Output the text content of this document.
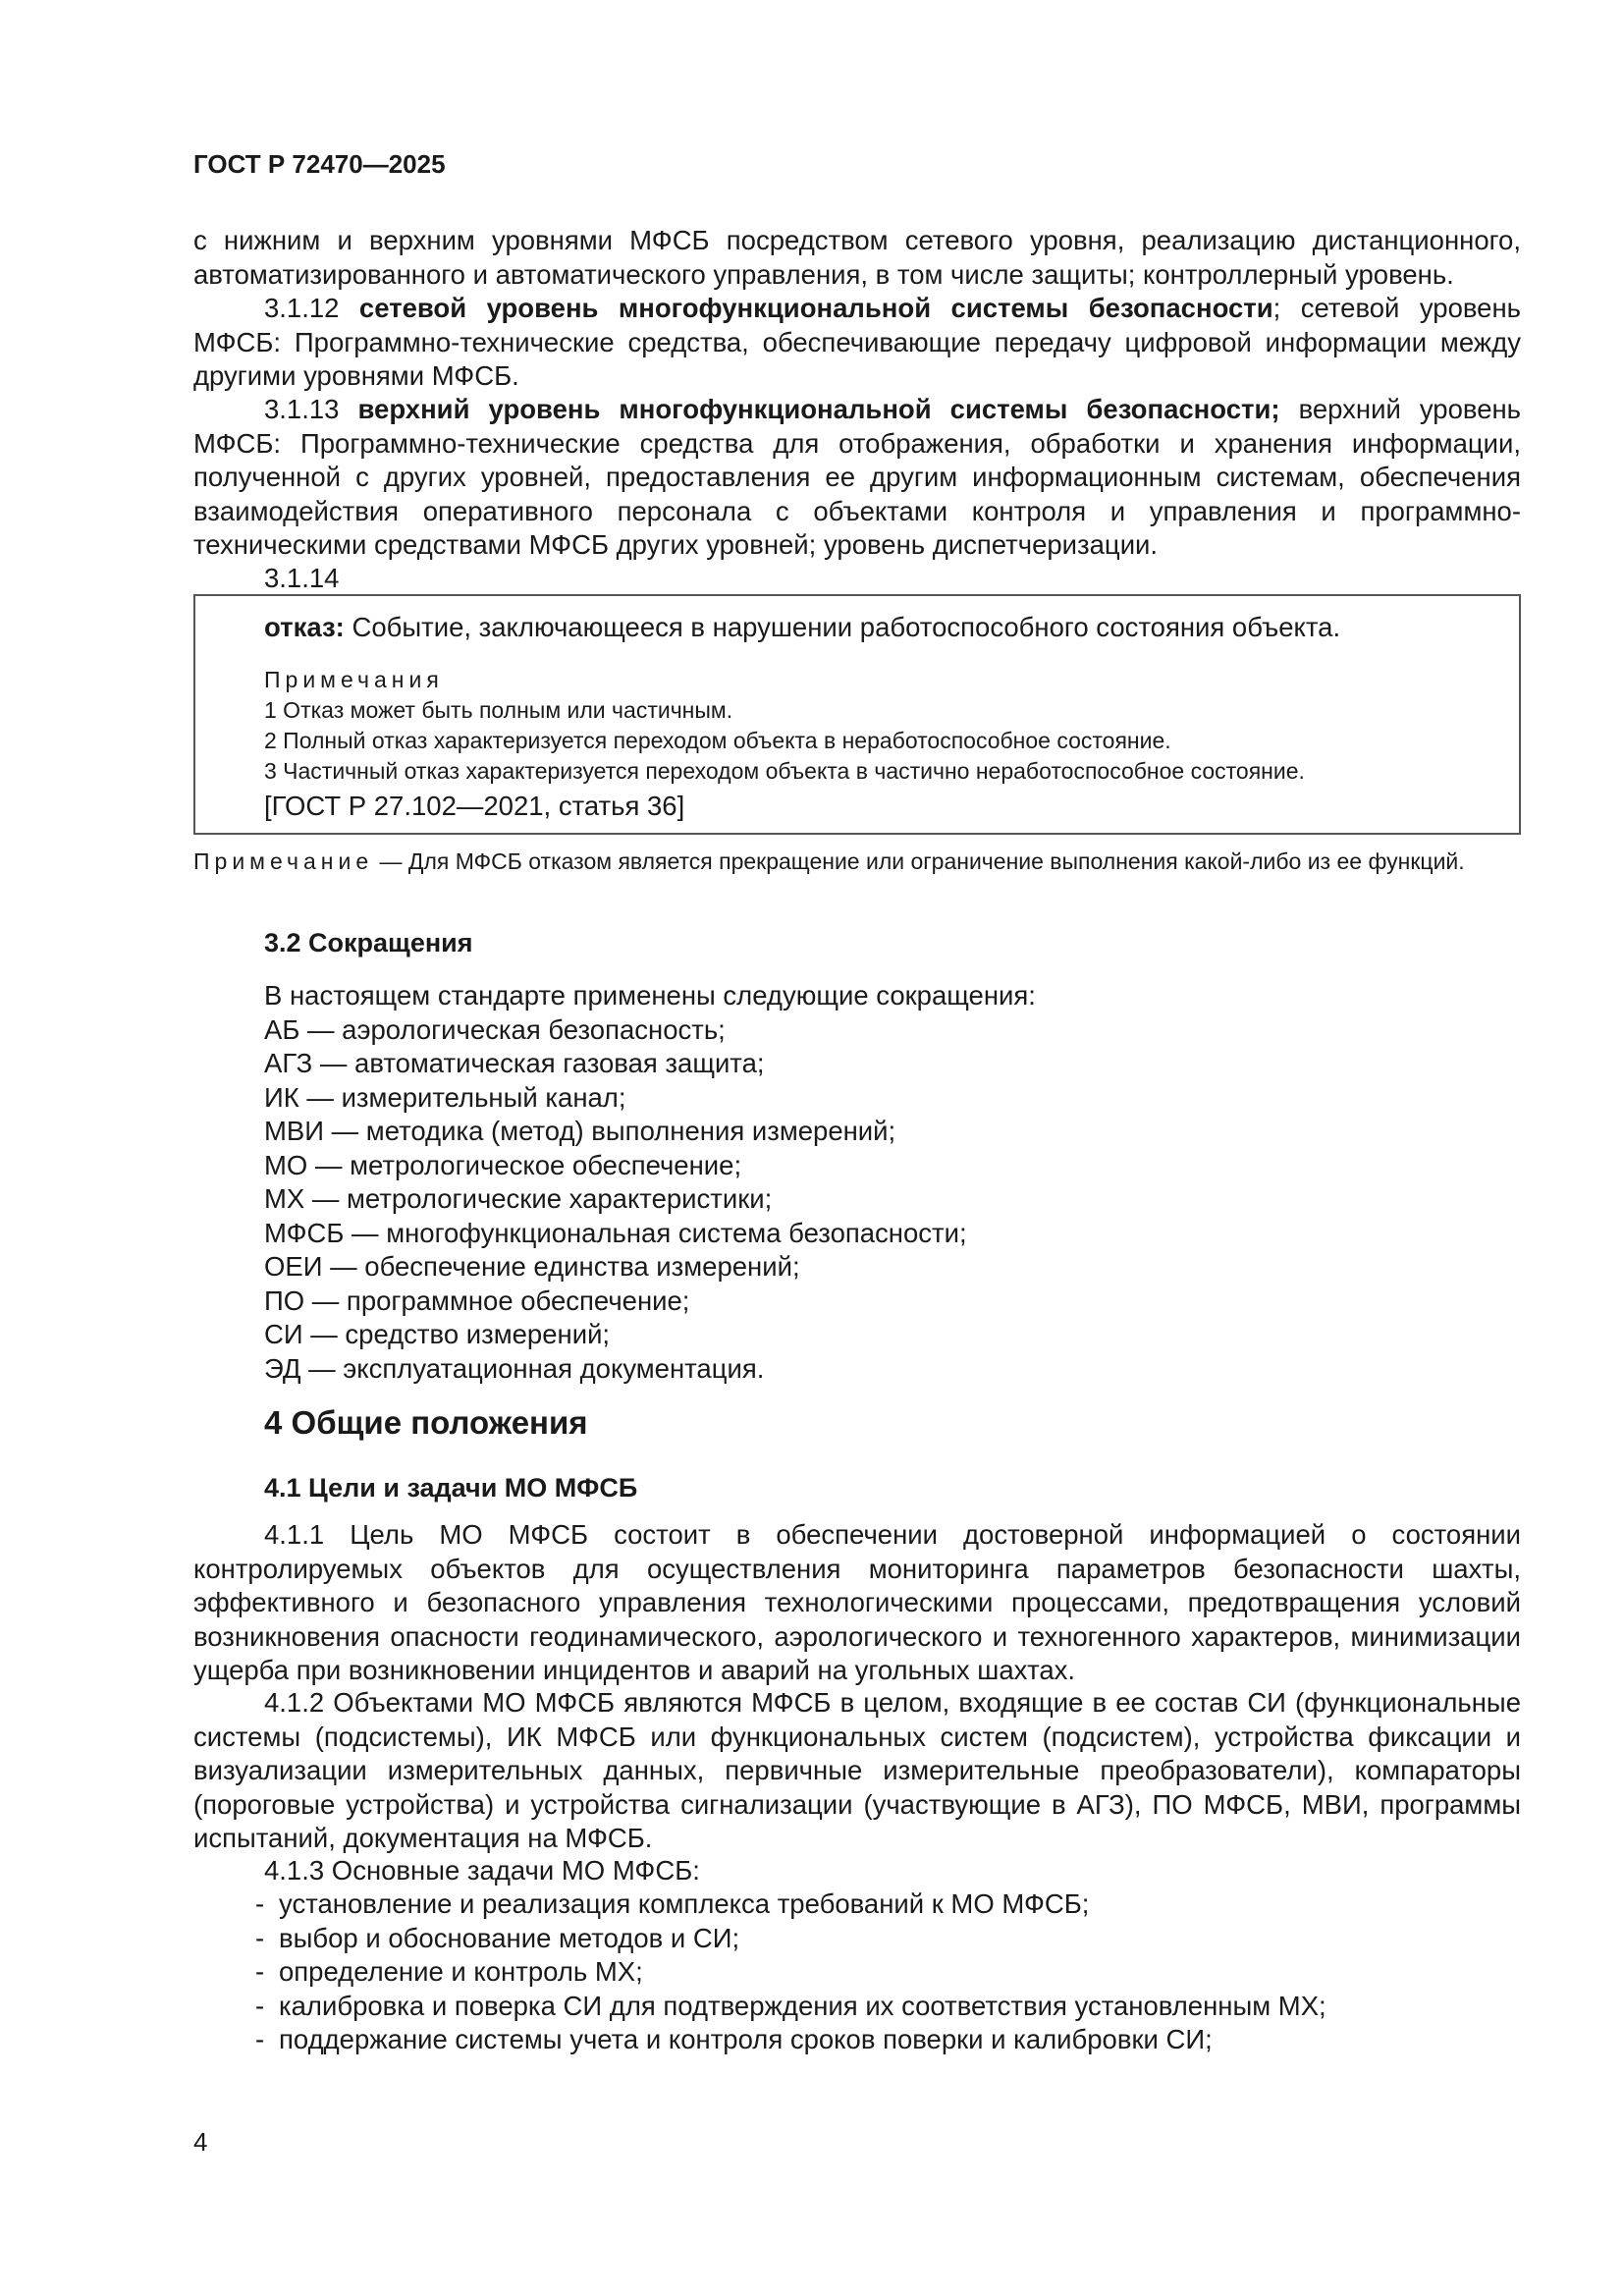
ГОСТ Р 72470—2025

с нижним и верхним уровнями МФСБ посредством сетевого уровня, реализацию дистанционного, автоматизированного и автоматического управления, в том числе защиты; контроллерный уровень.

3.1.12 сетевой уровень многофункциональной системы безопасности; сетевой уровень МФСБ: Программно-технические средства, обеспечивающие передачу цифровой информации между другими уровнями МФСБ.

3.1.13 верхний уровень многофункциональной системы безопасности; верхний уровень МФСБ: Программно-технические средства для отображения, обработки и хранения информации, полученной с других уровней, предоставления ее другим информационным системам, обеспечения взаимодействия оперативного персонала с объектами контроля и управления и программно-техническими средствами МФСБ других уровней; уровень диспетчеризации.

3.1.14
отказ: Событие, заключающееся в нарушении работоспособного состояния объекта.
Примечания
1 Отказ может быть полным или частичным.
2 Полный отказ характеризуется переходом объекта в неработоспособное состояние.
3 Частичный отказ характеризуется переходом объекта в частично неработоспособное состояние.
[ГОСТ Р 27.102—2021, статья 36]

Примечание — Для МФСБ отказом является прекращение или ограничение выполнения какой-либо из ее функций.

3.2 Сокращения

В настоящем стандарте применены следующие сокращения:

АБ — аэрологическая безопасность;

АГЗ — автоматическая газовая защита;

ИК — измерительный канал;

МВИ — методика (метод) выполнения измерений;

МО — метрологическое обеспечение;

МХ — метрологические характеристики;

МФСБ — многофункциональная система безопасности;

ОЕИ — обеспечение единства измерений;

ПО — программное обеспечение;

СИ — средство измерений;

ЭД — эксплуатационная документация.

4 Общие положения
4.1 Цели и задачи МО МФСБ

4.1.1 Цель МО МФСБ состоит в обеспечении достоверной информацией о состоянии контролируемых объектов для осуществления мониторинга параметров безопасности шахты, эффективного и безопасного управления технологическими процессами, предотвращения условий возникновения опасности геодинамического, аэрологического и техногенного характеров, минимизации ущерба при возникновении инцидентов и аварий на угольных шахтах.

4.1.2 Объектами МО МФСБ являются МФСБ в целом, входящие в ее состав СИ (функциональные системы (подсистемы), ИК МФСБ или функциональных систем (подсистем), устройства фиксации и визуализации измерительных данных, первичные измерительные преобразователи), компараторы (пороговые устройства) и устройства сигнализации (участвующие в АГЗ), ПО МФСБ, МВИ, программы испытаний, документация на МФСБ.

4.1.3 Основные задачи МО МФСБ:

- установление и реализация комплекса требований к МО МФСБ;

- выбор и обоснование методов и СИ;

- определение и контроль МХ;

- калибровка и поверка СИ для подтверждения их соответствия установленным МХ;

- поддержание системы учета и контроля сроков поверки и калибровки СИ;

4
